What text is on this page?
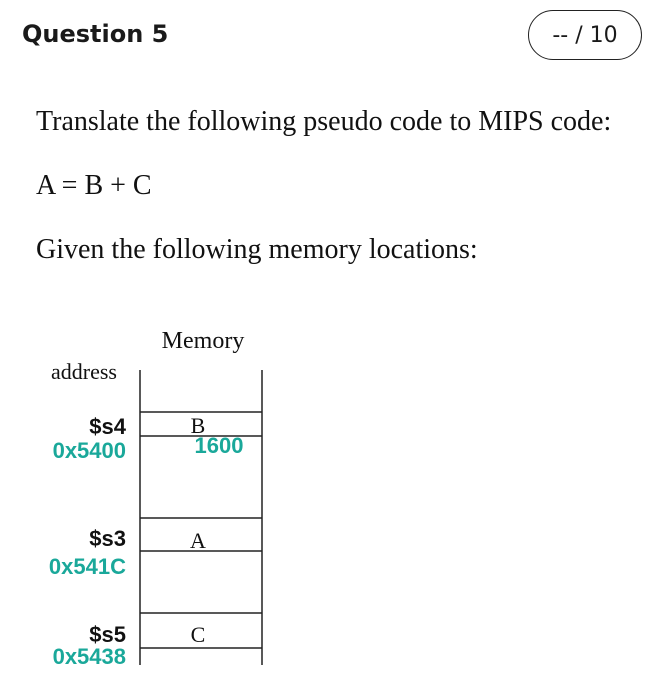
Question 5	-- / 10
Translate the following pseudo code to MIPS code:
A = B + C
Given the following memory locations:
Memory
address
B
1600
A
C
$s4
0x5400
$s3
0x541C
$s5
0x5438
